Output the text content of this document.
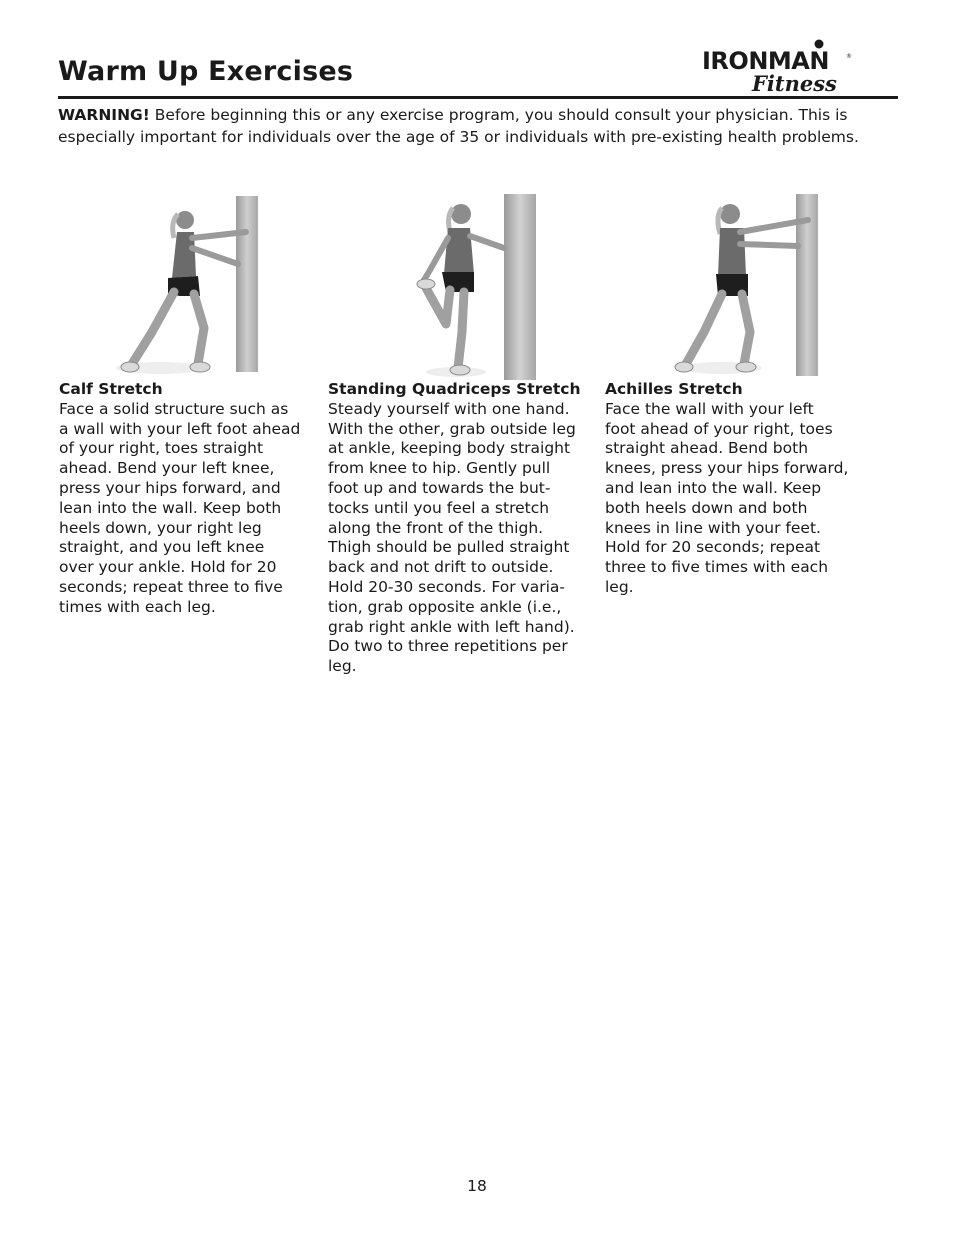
Warm Up Exercises	IRONMAN	®
Fitness
WARNING! Before beginning this or any exercise program, you should consult your physician. This is especially important for individuals over the age of 35 or individuals with pre-existing health problems.
Calf Stretch
Face a solid structure such as
a wall with your left foot ahead
of your right, toes straight
ahead. Bend your left knee,
press your hips forward, and
lean into the wall. Keep both
heels down, your right leg
straight, and you left knee
over your ankle. Hold for 20
seconds; repeat three to five
times with each leg.
Standing Quadriceps Stretch
Steady yourself with one hand.
With the other, grab outside leg
at ankle, keeping body straight
from knee to hip. Gently pull
foot up and towards the but-
tocks until you feel a stretch
along the front of the thigh.
Thigh should be pulled straight
back and not drift to outside.
Hold 20-30 seconds. For varia-
tion, grab opposite ankle (i.e.,
grab right ankle with left hand).
Do two to three repetitions per
leg.
Achilles Stretch
Face the wall with your left
foot ahead of your right, toes
straight ahead. Bend both
knees, press your hips forward,
and lean into the wall. Keep
both heels down and both
knees in line with your feet.
Hold for 20 seconds; repeat
three to five times with each
leg.
18
